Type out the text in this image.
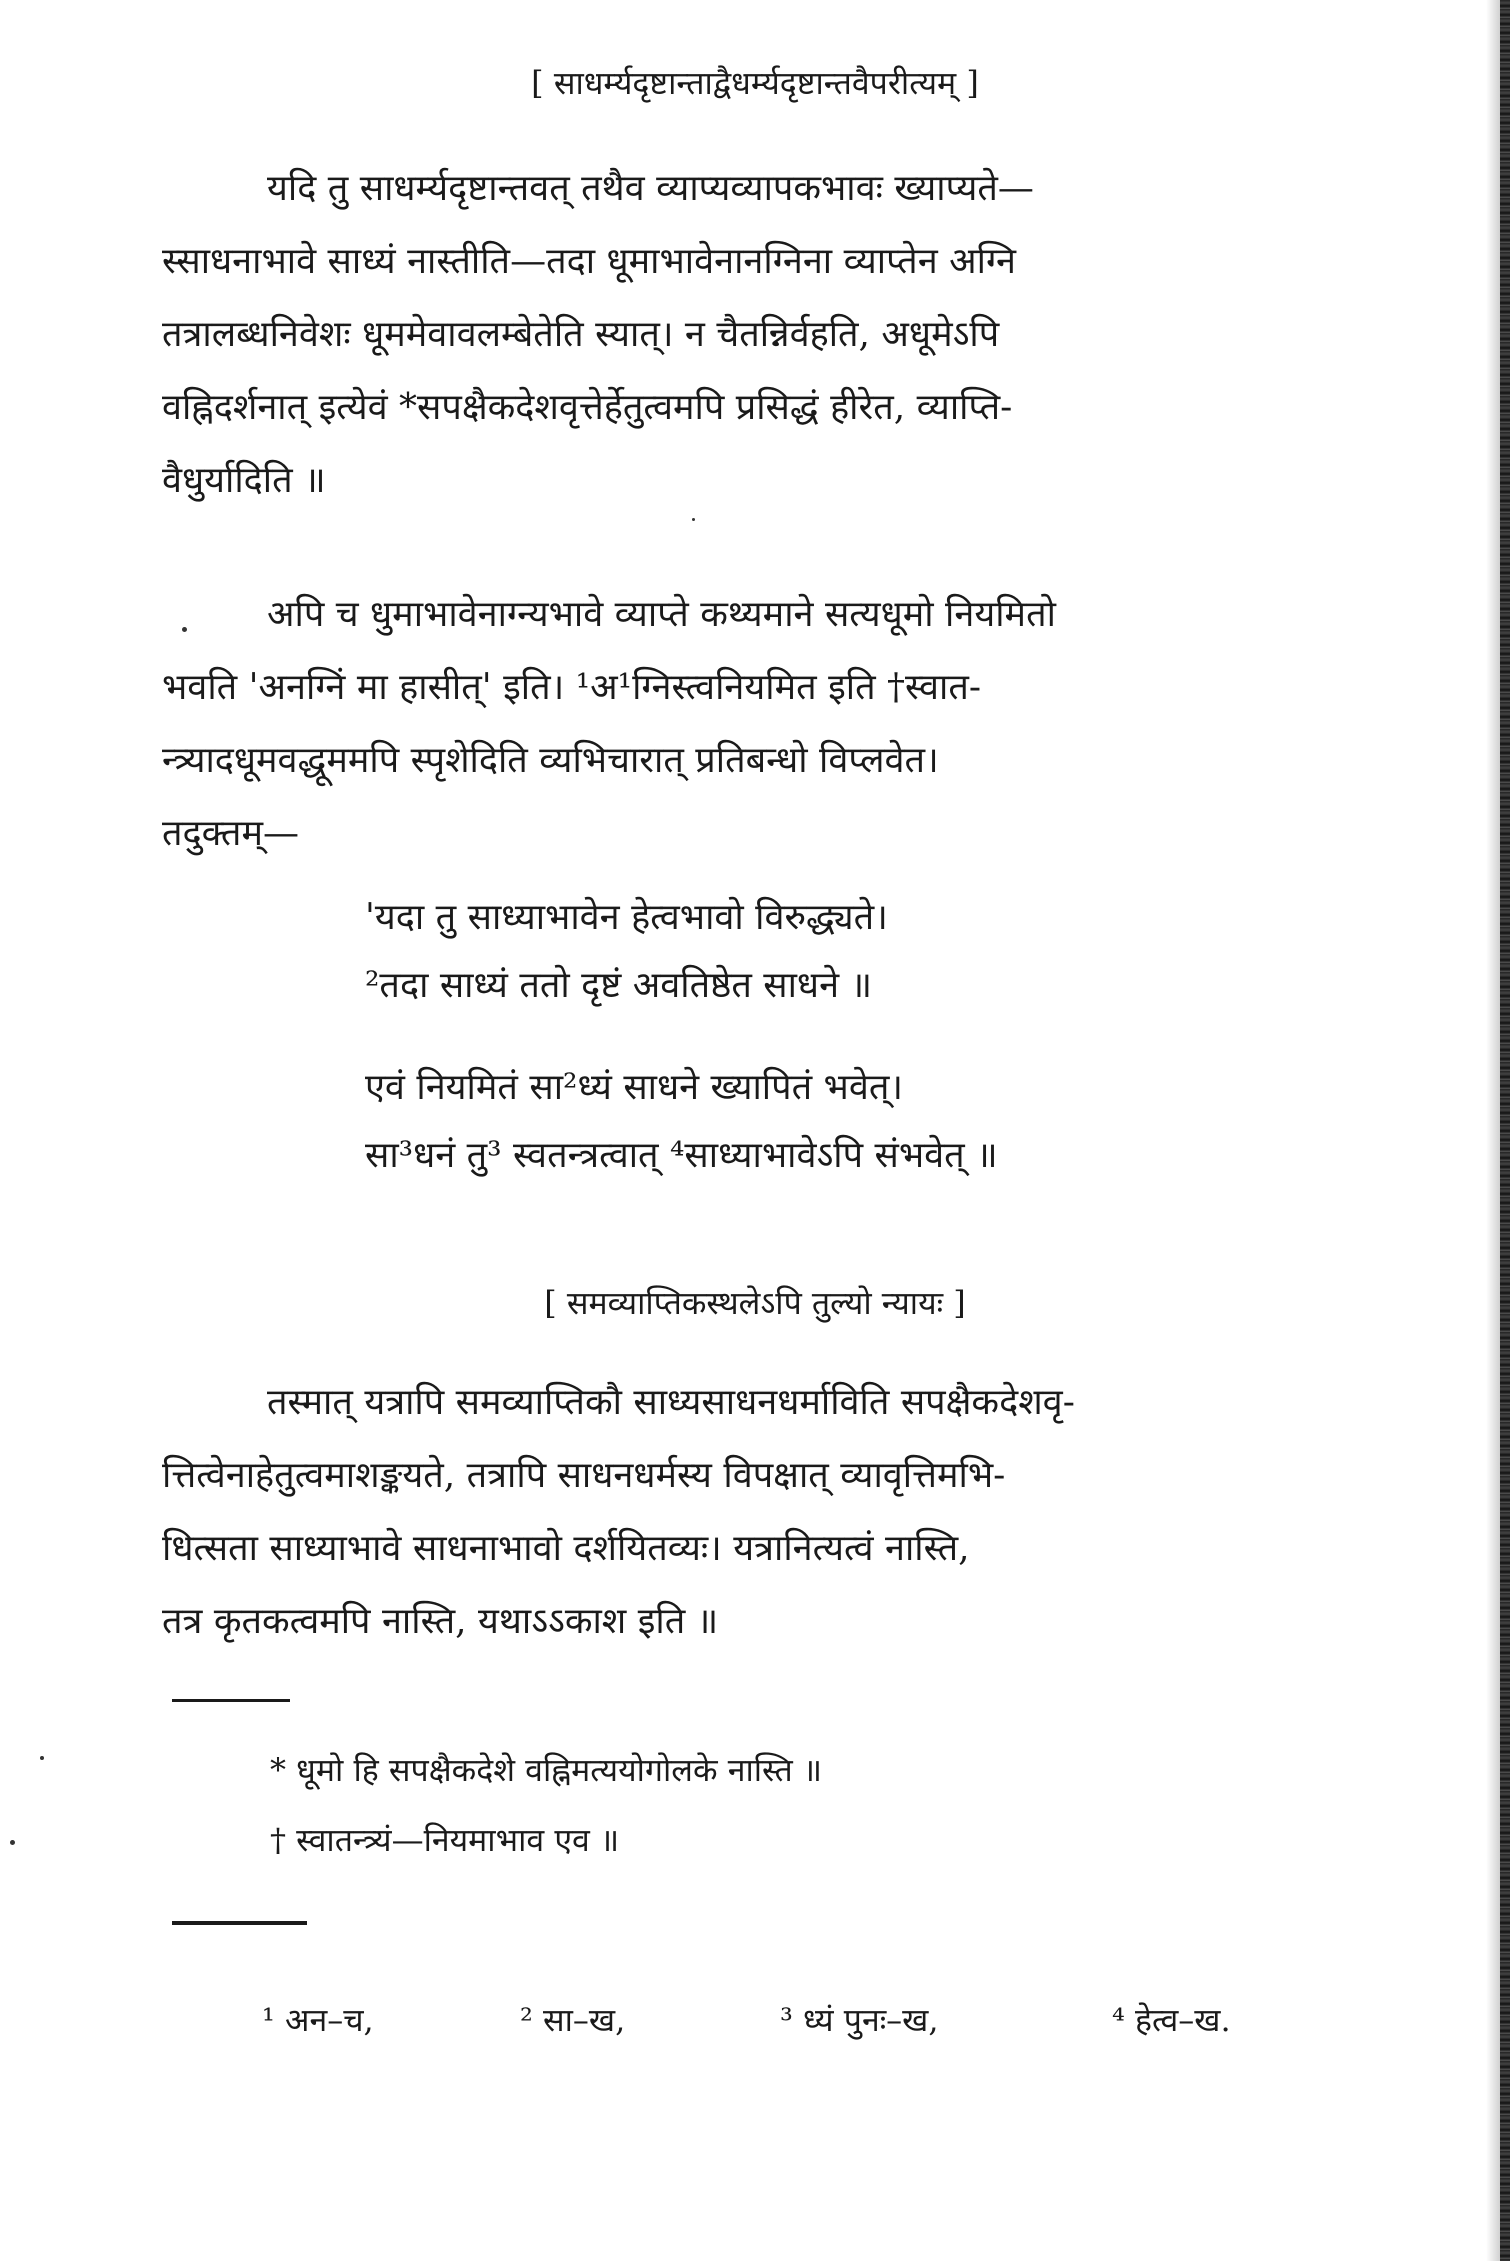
[ साधर्म्यदृष्टान्ताद्वैधर्म्यदृष्टान्तवैपरीत्यम् ]
यदि तु साधर्म्यदृष्टान्तवत् तथैव व्याप्यव्यापकभावः ख्याप्यते—
स्साधनाभावे साध्यं नास्तीति—तदा धूमाभावेनानग्निना व्याप्तेन अग्नि
तत्रालब्धनिवेशः धूममेवावलम्बेतेति स्यात्। न चैतन्निर्वहति, अधूमेऽपि
वह्निदर्शनात् इत्येवं *सपक्षैकदेशवृत्तेर्हेतुत्वमपि प्रसिद्धं हीरेत, व्याप्ति-
वैधुर्यादिति ॥
अपि च धुमाभावेनाग्न्यभावे व्याप्ते कथ्यमाने सत्यधूमो नियमितो
भवति 'अनग्निं मा हासीत्' इति। ¹अ¹ग्निस्त्वनियमित इति †स्वात-
न्त्र्यादधूमवद्धूममपि स्पृशेदिति व्यभिचारात् प्रतिबन्धो विप्लवेत।
तदुक्तम्—
'यदा तु साध्याभावेन हेत्वभावो विरुद्ध्यते।
²तदा साध्यं ततो दृष्टं अवतिष्ठेत साधने ॥
एवं नियमितं सा²ध्यं साधने ख्यापितं भवेत्।
सा³धनं तु³ स्वतन्त्रत्वात् ⁴साध्याभावेऽपि संभवेत् ॥
[ समव्याप्तिकस्थलेऽपि तुल्यो न्यायः ]
तस्मात् यत्रापि समव्याप्तिकौ साध्यसाधनधर्माविति सपक्षैकदेशवृ-
त्तित्वेनाहेतुत्वमाशङ्कयते, तत्रापि साधनधर्मस्य विपक्षात् व्यावृत्तिमभि-
धित्सता साध्याभावे साधनाभावो दर्शयितव्यः। यत्रानित्यत्वं नास्ति,
तत्र कृतकत्वमपि नास्ति, यथाऽऽकाश इति ॥
* धूमो हि सपक्षैकदेशे वह्निमत्ययोगोलके नास्ति ॥
† स्वातन्त्र्यं—नियमाभाव एव ॥
¹ अन–च,	² सा–ख,	³ ध्यं पुनः–ख,	⁴ हेत्व–ख.
